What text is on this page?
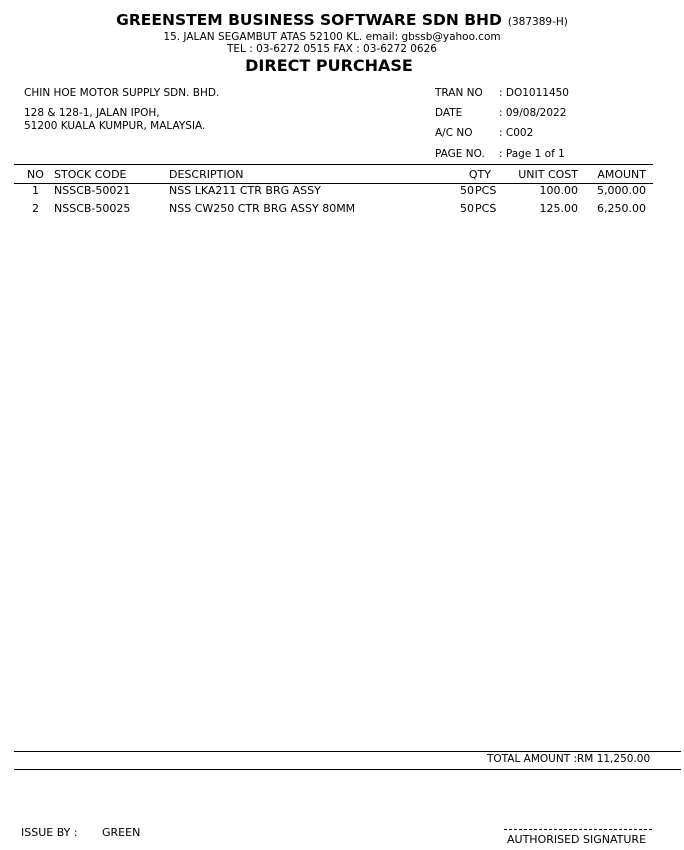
GREENSTEM BUSINESS SOFTWARE SDN BHD (387389-H)
15. JALAN SEGAMBUT ATAS 52100 KL. email: gbssb@yahoo.com
TEL : 03-6272 0515 FAX : 03-6272 0626
DIRECT PURCHASE
CHIN HOE MOTOR SUPPLY SDN. BHD.
128 & 128-1, JALAN IPOH,
51200 KUALA KUMPUR, MALAYSIA.
TRAN NO : DO1011450
DATE	: 09/08/2022
A/C NO	: C002
PAGE NO. : Page 1 of 1
NO STOCK CODE	DESCRIPTION	QTY	UNIT COST	AMOUNT
1 NSSCB-50021	NSS LKA211 CTR BRG ASSY	50 PCS	100.00	5,000.00
2 NSSCB-50025	NSS CW250 CTR BRG ASSY 80MM	50 PCS	125.00	6,250.00
TOTAL AMOUNT : RM 11,250.00
ISSUE BY : GREEN
AUTHORISED SIGNATURE
